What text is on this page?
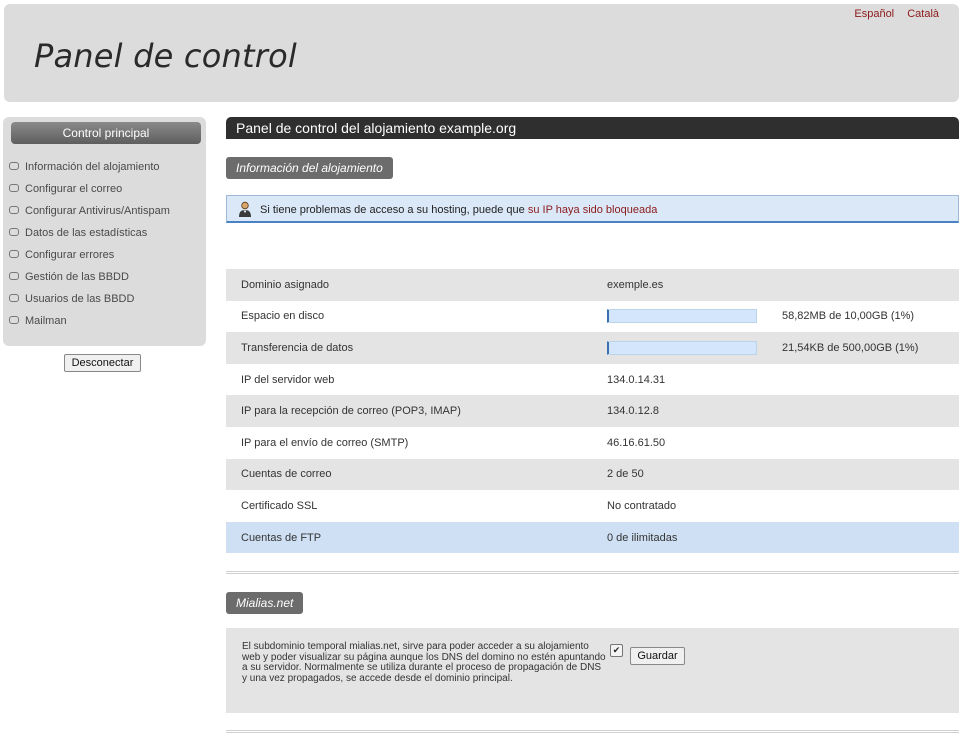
Panel de control
Español Català
Control principal
Información del alojamiento
Configurar el correo
Configurar Antivirus/Antispam
Datos de las estadísticas
Configurar errores
Gestión de las BBDD
Usuarios de las BBDD
Mailman
Desconectar
Panel de control del alojamiento example.org
Información del alojamiento
Si tiene problemas de acceso a su hosting, puede que su IP haya sido bloqueada
Dominio asignado	exemple.es	
Espacio en disco		58,82MB de 10,00GB (1%)
Transferencia de datos		21,54KB de 500,00GB (1%)
IP del servidor web	134.0.14.31	
IP para la recepción de correo (POP3, IMAP)	134.0.12.8	
IP para el envío de correo (SMTP)	46.16.61.50	
Cuentas de correo	2 de 50	
Certificado SSL	No contratado	
Cuentas de FTP	0 de ilimitadas	
Mialias.net
El subdominio temporal mialias.net, sirve para poder acceder a su alojamiento web y poder visualizar su página aunque los DNS del domino no estén apuntando a su servidor. Normalmente se utiliza durante el proceso de propagación de DNS y una vez propagados, se accede desde el dominio principal.
✔	Guardar
